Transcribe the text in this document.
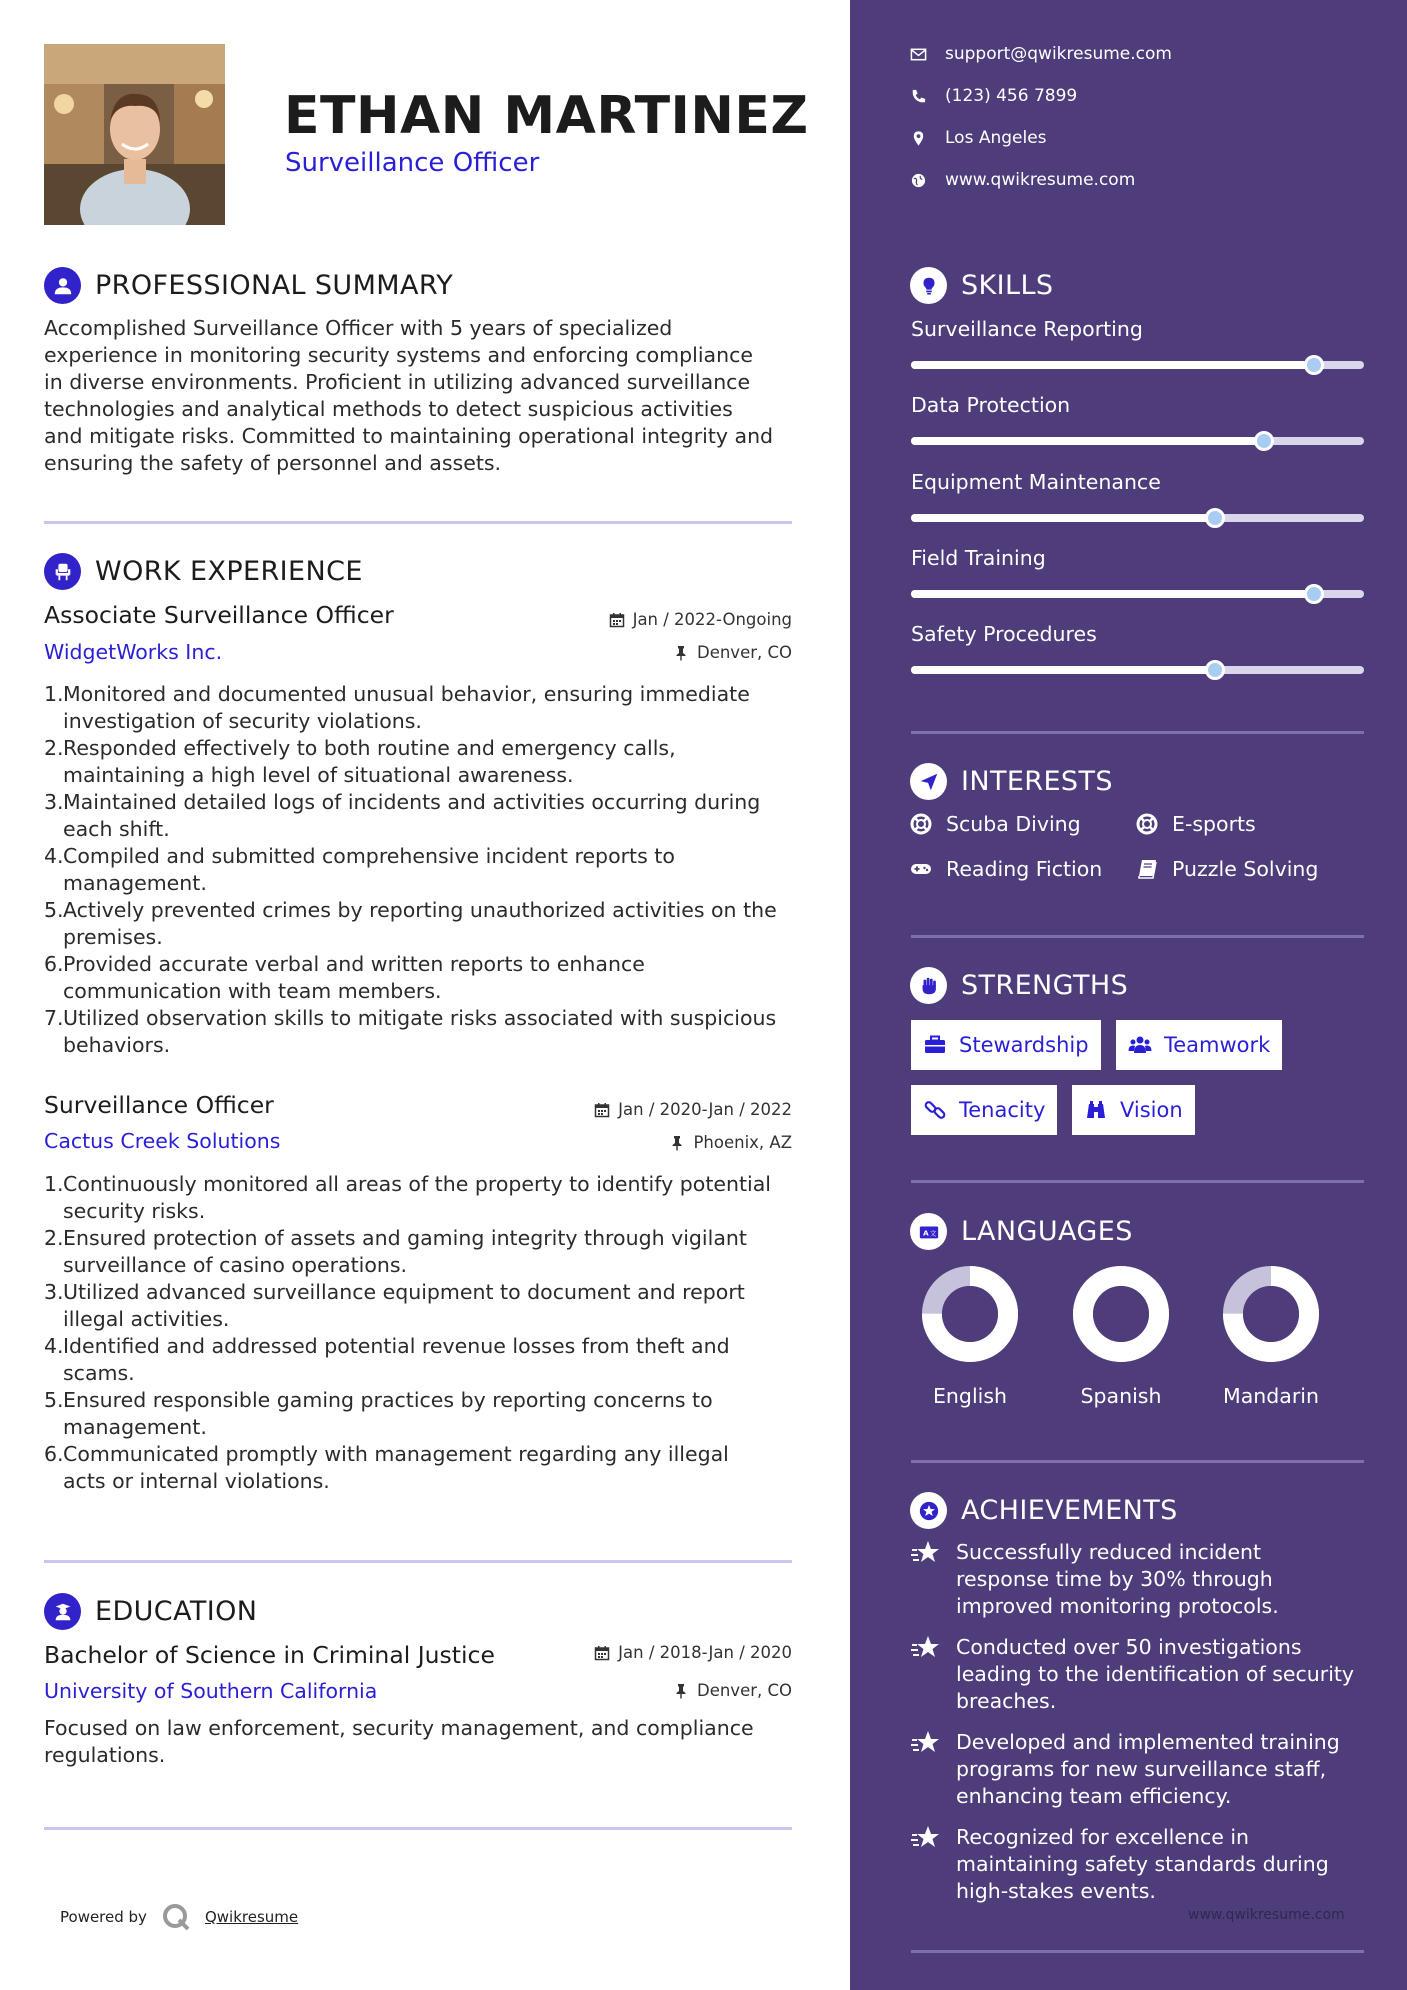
ETHAN MARTINEZ
Surveillance Officer
PROFESSIONAL SUMMARY
Accomplished Surveillance Officer with 5 years of specialized
experience in monitoring security systems and enforcing compliance
in diverse environments. Proficient in utilizing advanced surveillance
technologies and analytical methods to detect suspicious activities
and mitigate risks. Committed to maintaining operational integrity and
ensuring the safety of personnel and assets.
WORK EXPERIENCE
Associate Surveillance Officer	Jan / 2022-Ongoing
WidgetWorks Inc.	Denver, CO
1. Monitored and documented unusual behavior, ensuring immediate
investigation of security violations.
2. Responded effectively to both routine and emergency calls,
maintaining a high level of situational awareness.
3. Maintained detailed logs of incidents and activities occurring during
each shift.
4. Compiled and submitted comprehensive incident reports to
management.
5. Actively prevented crimes by reporting unauthorized activities on the
premises.
6. Provided accurate verbal and written reports to enhance
communication with team members.
7. Utilized observation skills to mitigate risks associated with suspicious
behaviors.
Surveillance Officer	Jan / 2020-Jan / 2022
Cactus Creek Solutions	Phoenix, AZ
1. Continuously monitored all areas of the property to identify potential
security risks.
2. Ensured protection of assets and gaming integrity through vigilant
surveillance of casino operations.
3. Utilized advanced surveillance equipment to document and report
illegal activities.
4. Identified and addressed potential revenue losses from theft and
scams.
5. Ensured responsible gaming practices by reporting concerns to
management.
6. Communicated promptly with management regarding any illegal
acts or internal violations.
EDUCATION
Bachelor of Science in Criminal Justice	Jan / 2018-Jan / 2020
University of Southern California	Denver, CO
Focused on law enforcement, security management, and compliance
regulations.
Powered by	Qwikresume
support@qwikresume.com
(123) 456 7899
Los Angeles
www.qwikresume.com
SKILLS
Surveillance Reporting
Data Protection
Equipment Maintenance
Field Training
Safety Procedures
INTERESTS
Scuba Diving	E-sports
Reading Fiction	Puzzle Solving
STRENGTHS
Stewardship	Teamwork
Tenacity	Vision
A 文 LANGUAGES
English	Spanish	Mandarin
ACHIEVEMENTS
Successfully reduced incident
response time by 30% through
improved monitoring protocols.
Conducted over 50 investigations
leading to the identification of security
breaches.
Developed and implemented training
programs for new surveillance staff,
enhancing team efficiency.
Recognized for excellence in
maintaining safety standards during
high-stakes events.
www.qwikresume.com
